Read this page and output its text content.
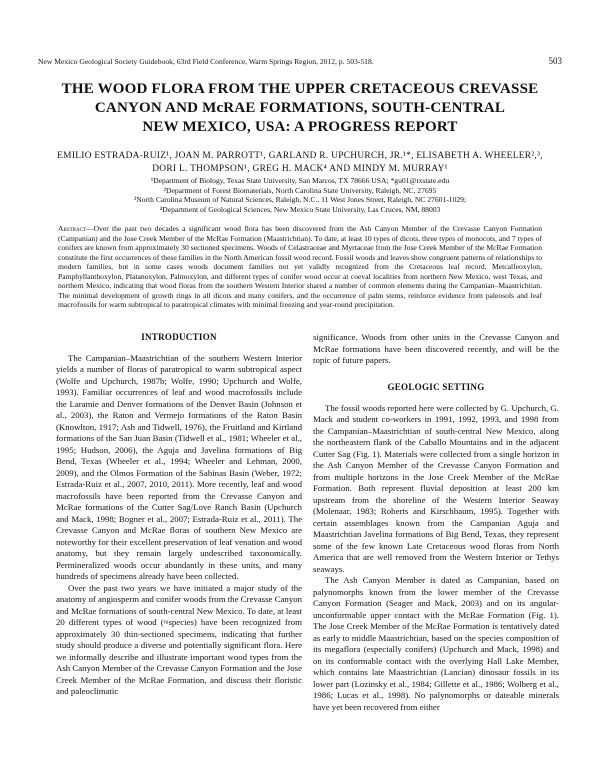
New Mexico Geological Society Guidebook, 63rd Field Conference, Warm Springs Region, 2012, p. 503-518.	503
THE WOOD FLORA FROM THE UPPER CRETACEOUS CREVASSE
CANYON AND McRAE FORMATIONS, SOUTH-CENTRAL
NEW MEXICO, USA: A PROGRESS REPORT
EMILIO ESTRADA-RUIZ¹, JOAN M. PARROTT¹, GARLAND R. UPCHURCH, JR.¹*, ELISABETH A. WHEELER²,³,
DORI L. THOMPSON¹, GREG H. MACK⁴ AND MINDY M. MURRAY¹
¹Department of Biology, Texas State University, San Marcos, TX 78666 USA; *gu01@txstate.edu
²Department of Forest Biomaterials, North Carolina State University, Raleigh, NC, 27695
³North Carolina Museum of Natural Sciences, Raleigh, N.C., 11 West Jones Street, Raleigh, NC 27601-1029;
⁴Department of Geological Sciences, New Mexico State University, Las Cruces, NM, 88003
Abstract—Over the past two decades a significant wood flora has been discovered from the Ash Canyon Member of the Crevasse Canyon Formation (Campanian) and the Jose Creek Member of the McRae Formation (Maastrichtian). To date, at least 10 types of dicots, three types of monocots, and 7 types of conifers are known from approximately 30 sectioned specimens. Woods of Celastraceae and Myrtaceae from the Jose Creek Member of the McRae Formation constitute the first occurrences of these families in the North American fossil wood record. Fossil woods and leaves show congruent patterns of relationships to modern families, but in some cases woods document families not yet validly recognized from the Cretaceous leaf record. Metcalfeoxylon, Pamphyllanthoxylon, Platanoxylon, Palmoxylon, and different types of conifer wood occur at coeval localities from northern New Mexico, west Texas, and northern Mexico, indicating that wood floras from the southern Western Interior shared a number of common elements during the Campanian–Maastrichtian. The minimal development of growth rings in all dicots and many conifers, and the occurrence of palm stems, reinforce evidence from paleosols and leaf macrofossils for warm subtropical to paratropical climates with minimal freezing and year-round precipitation.
INTRODUCTION

The Campanian–Maastrichtian of the southern Western Interior yields a number of floras of paratropical to warm subtropical aspect (Wolfe and Upchurch, 1987b; Wolfe, 1990; Upchurch and Wolfe, 1993). Familiar occurrences of leaf and wood macrofossils include the Laramie and Denver formations of the Denver Basin (Johnson et al., 2003), the Raton and Vermejo formations of the Raton Basin (Knowlton, 1917; Ash and Tidwell, 1976), the Fruitland and Kirtland formations of the San Juan Basin (Tidwell et al., 1981; Wheeler et al., 1995; Hudson, 2006), the Aguja and Javelina formations of Big Bend, Texas (Wheeler et al., 1994; Wheeler and Lehman, 2000, 2009), and the Olmos Formation of the Sabinas Basin (Weber, 1972; Estrada-Ruiz et al., 2007, 2010, 2011). More recently, leaf and wood macrofossils have been reported from the Crevasse Canyon and McRae formations of the Cutter Sag/Love Ranch Basin (Upchurch and Mack, 1998; Bogner et al., 2007; Estrada-Ruiz et al., 2011). The Crevasse Canyon and McRae floras of southern New Mexico are noteworthy for their excellent preservation of leaf venation and wood anatomy, but they remain largely undescribed taxonomically. Permineralized woods occur abundantly in these units, and many hundreds of specimens already have been collected.

Over the past two years we have initiated a major study of the anatomy of angiosperm and conifer woods from the Crevasse Canyon and McRae formations of south-central New Mexico. To date, at least 20 different types of wood (≈species) have been recognized from approximately 30 thin-sectioned specimens, indicating that further study should produce a diverse and potentially significant flora. Here we informally describe and illustrate important wood types from the Ash Canyon Member of the Crevasse Canyon Formation and the Jose Creek Member of the McRae Formation, and discuss their floristic and paleoclimatic

significance. Woods from other units in the Crevasse Canyon and McRae formations have been discovered recently, and will be the topic of future papers.
GEOLOGIC SETTING

The fossil woods reported here were collected by G. Upchurch, G. Mack and student co-workers in 1991, 1992, 1993, and 1998 from the Campanian–Maastrichtian of south-central New Mexico, along the northeastern flank of the Caballo Mountains and in the adjacent Cutter Sag (Fig. 1). Materials were collected from a single horizon in the Ash Canyon Member of the Crevasse Canyon Formation and from multiple horizons in the Jose Creek Member of the McRae Formation. Both represent fluvial deposition at least 200 km upstream from the shoreline of the Western Interior Seaway (Molenaar, 1983; Roberts and Kirschbaum, 1995). Together with certain assemblages known from the Campanian Aguja and Maastrichtian Javelina formations of Big Bend, Texas, they represent some of the few known Late Cretaceous wood floras from North America that are well removed from the Western Interior or Tethys seaways.

The Ash Canyon Member is dated as Campanian, based on palynomorphs known from the lower member of the Crevasse Canyon Formation (Seager and Mack, 2003) and on its angular-unconformable upper contact with the McRae Formation (Fig. 1). The Jose Creek Member of the McRae Formation is tentatively dated as early to middle Maastrichtian, based on the species composition of its megaflora (especially conifers) (Upchurch and Mack, 1998) and on its conformable contact with the overlying Hall Lake Member, which contains late Maastrichtian (Lancian) dinosaur fossils in its lower part (Lozinsky et al., 1984; Gillette et al., 1986; Wolberg et al., 1986; Lucas et al., 1998). No palynomorphs or dateable minerals have yet been recovered from either
